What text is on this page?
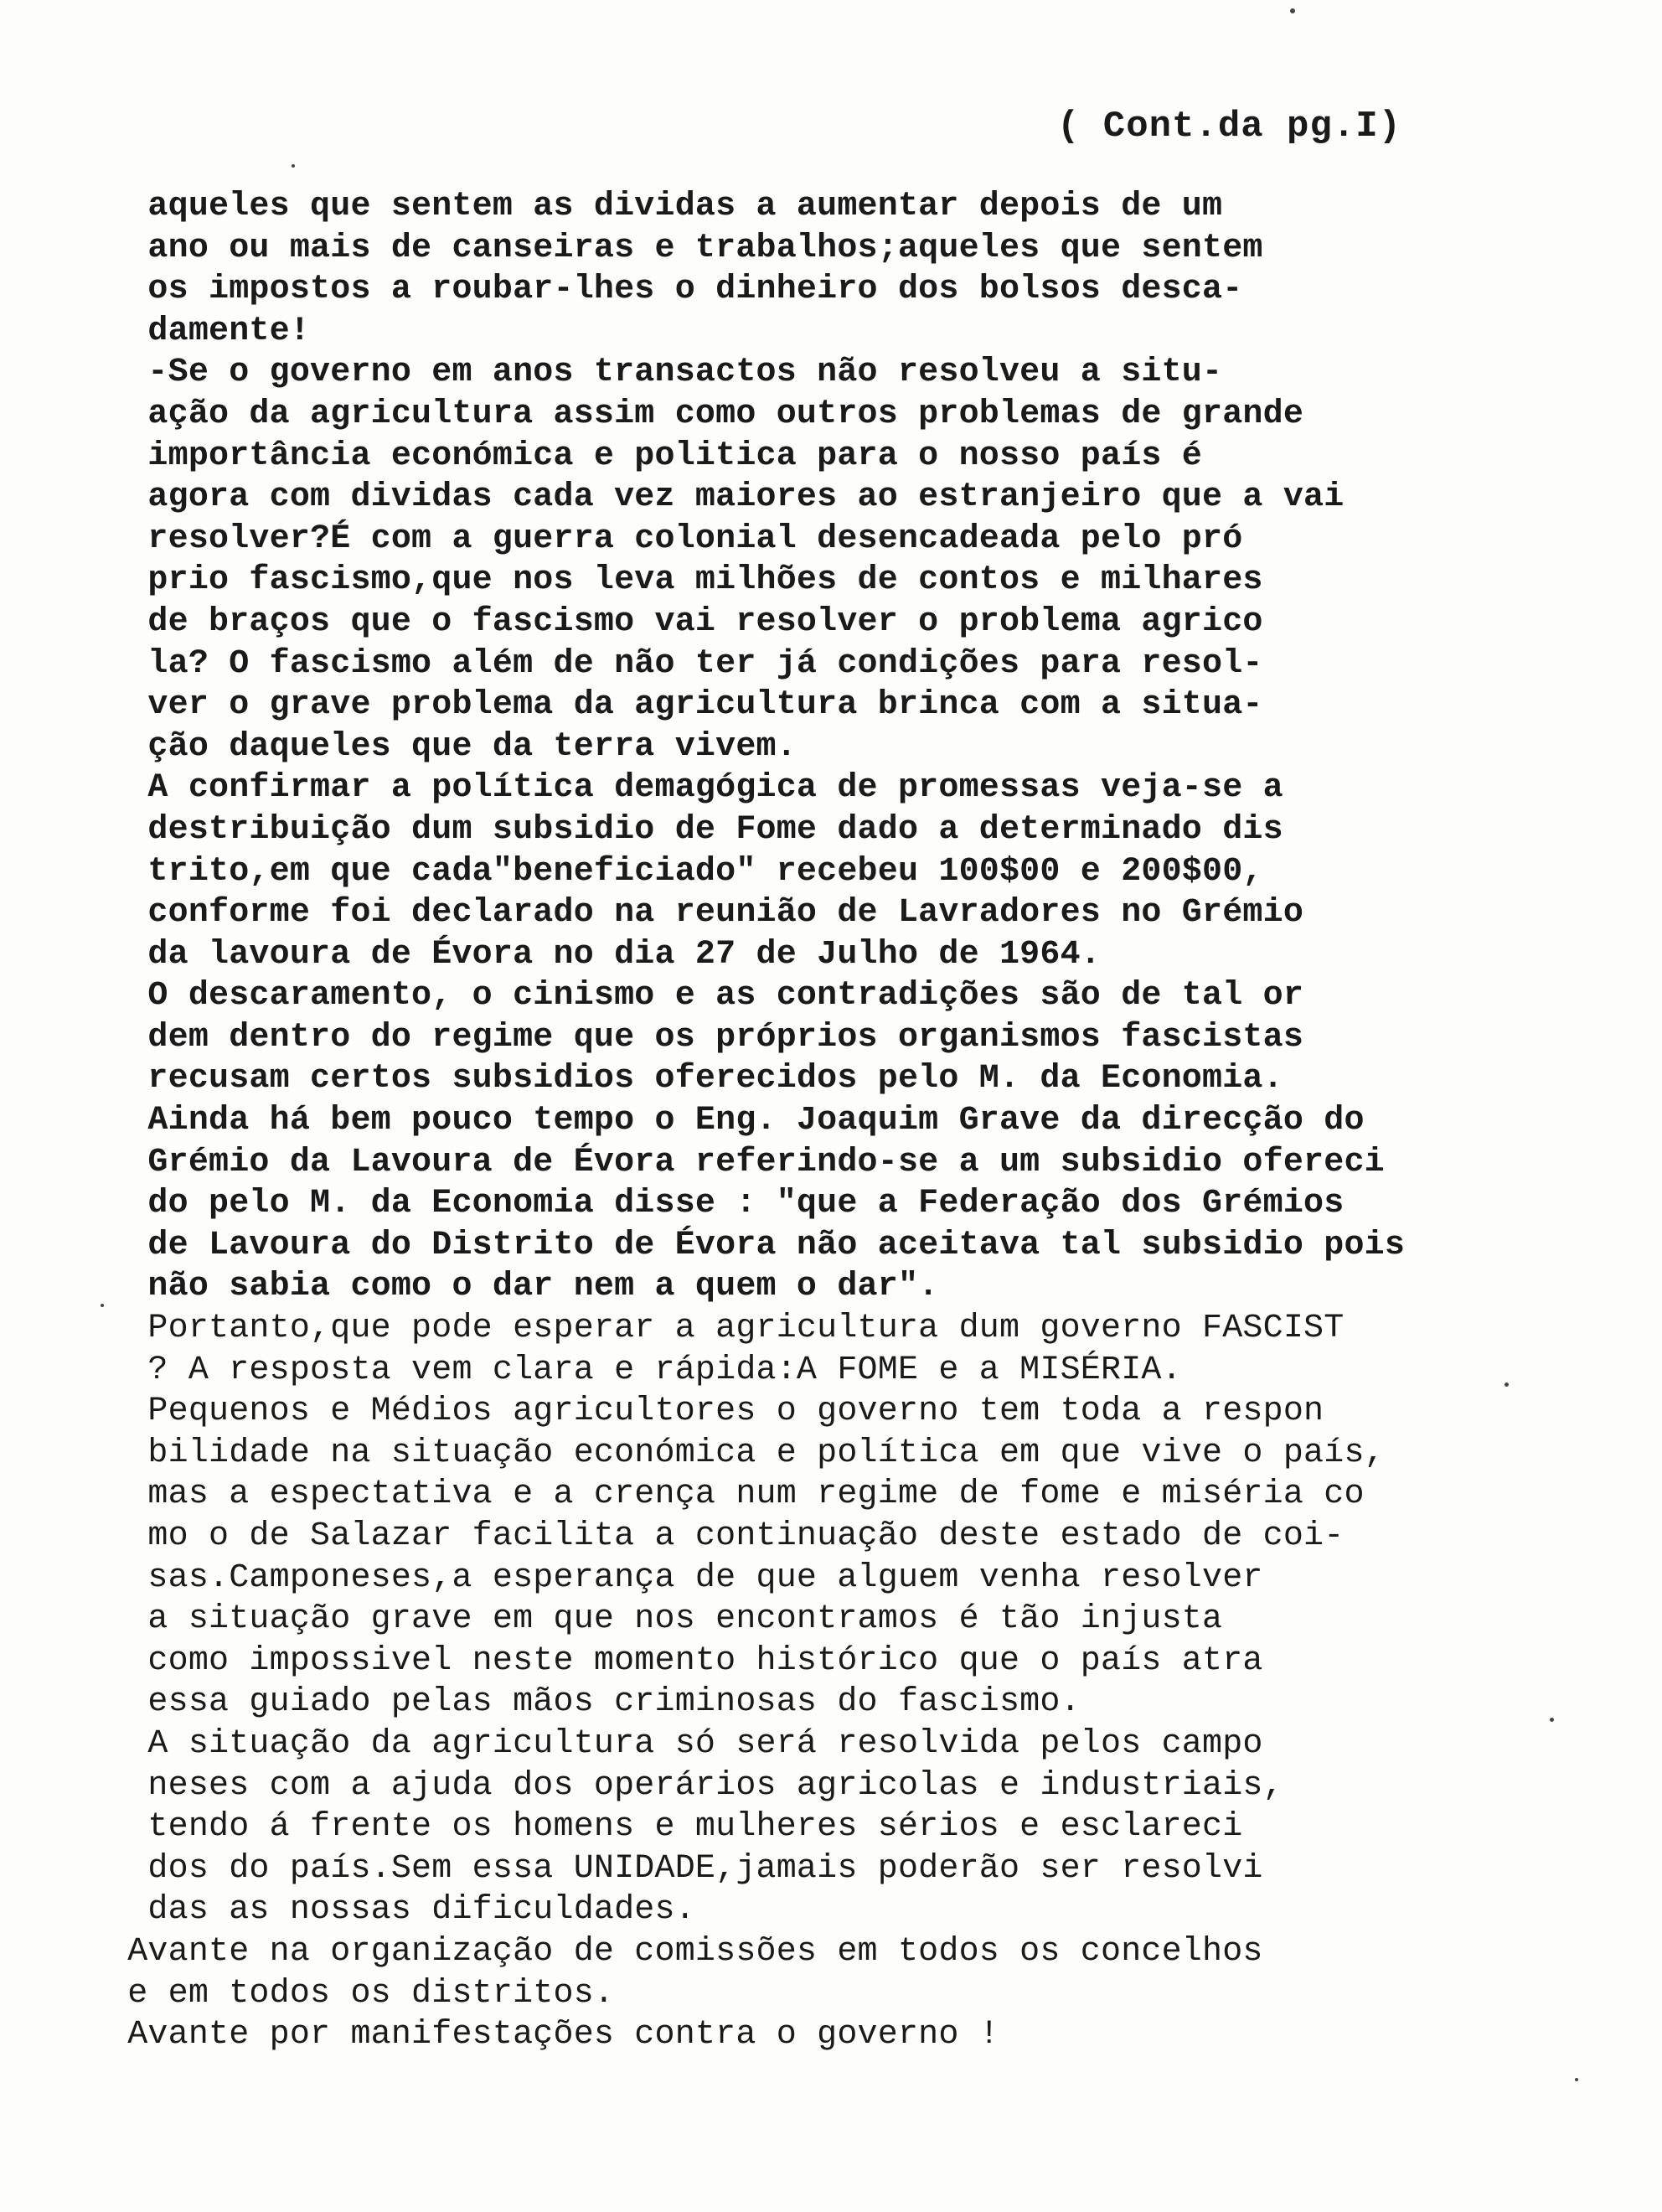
( Cont.da pg.I)
aqueles que sentem as dividas a aumentar depois de um
ano ou mais de canseiras e trabalhos;aqueles que sentem
os impostos a roubar-lhes o dinheiro dos bolsos desca-
damente!
-Se o governo em anos transactos não resolveu a situ-
ação da agricultura assim como outros problemas de grande
importância económica e politica para o nosso país é
agora com dividas cada vez maiores ao estranjeiro que a vai
resolver?É com a guerra colonial desencadeada pelo pró
prio fascismo,que nos leva milhões de contos e milhares
de braços que o fascismo vai resolver o problema agrico
la? O fascismo além de não ter já condições para resol-
ver o grave problema da agricultura brinca com a situa-
ção daqueles que da terra vivem.
A confirmar a política demagógica de promessas veja-se a
destribuição dum subsidio de Fome dado a determinado dis
trito,em que cada"beneficiado" recebeu 100$00 e 200$00,
conforme foi declarado na reunião de Lavradores no Grémio
da lavoura de Évora no dia 27 de Julho de 1964.
O descaramento, o cinismo e as contradições são de tal or
dem dentro do regime que os próprios organismos fascistas
recusam certos subsidios oferecidos pelo M. da Economia.
Ainda há bem pouco tempo o Eng. Joaquim Grave da direcção do
Grémio da Lavoura de Évora referindo-se a um subsidio ofereci
do pelo M. da Economia disse : "que a Federação dos Grémios
de Lavoura do Distrito de Évora não aceitava tal subsidio pois
não sabia como o dar nem a quem o dar".
Portanto,que pode esperar a agricultura dum governo FASCIST
? A resposta vem clara e rápida:A FOME e a MISÉRIA.
Pequenos e Médios agricultores o governo tem toda a respon
bilidade na situação económica e política em que vive o país,
mas a espectativa e a crença num regime de fome e miséria co
mo o de Salazar facilita a continuação deste estado de coi-
sas.Camponeses,a esperança de que alguem venha resolver
a situação grave em que nos encontramos é tão injusta
como impossivel neste momento histórico que o país atra
essa guiado pelas mãos criminosas do fascismo.
A situação da agricultura só será resolvida pelos campo
neses com a ajuda dos operários agricolas e industriais,
tendo á frente os homens e mulheres sérios e esclareci
dos do país.Sem essa UNIDADE,jamais poderão ser resolvi
das as nossas dificuldades.
Avante na organização de comissões em todos os concelhos
e em todos os distritos.
Avante por manifestações contra o governo !
